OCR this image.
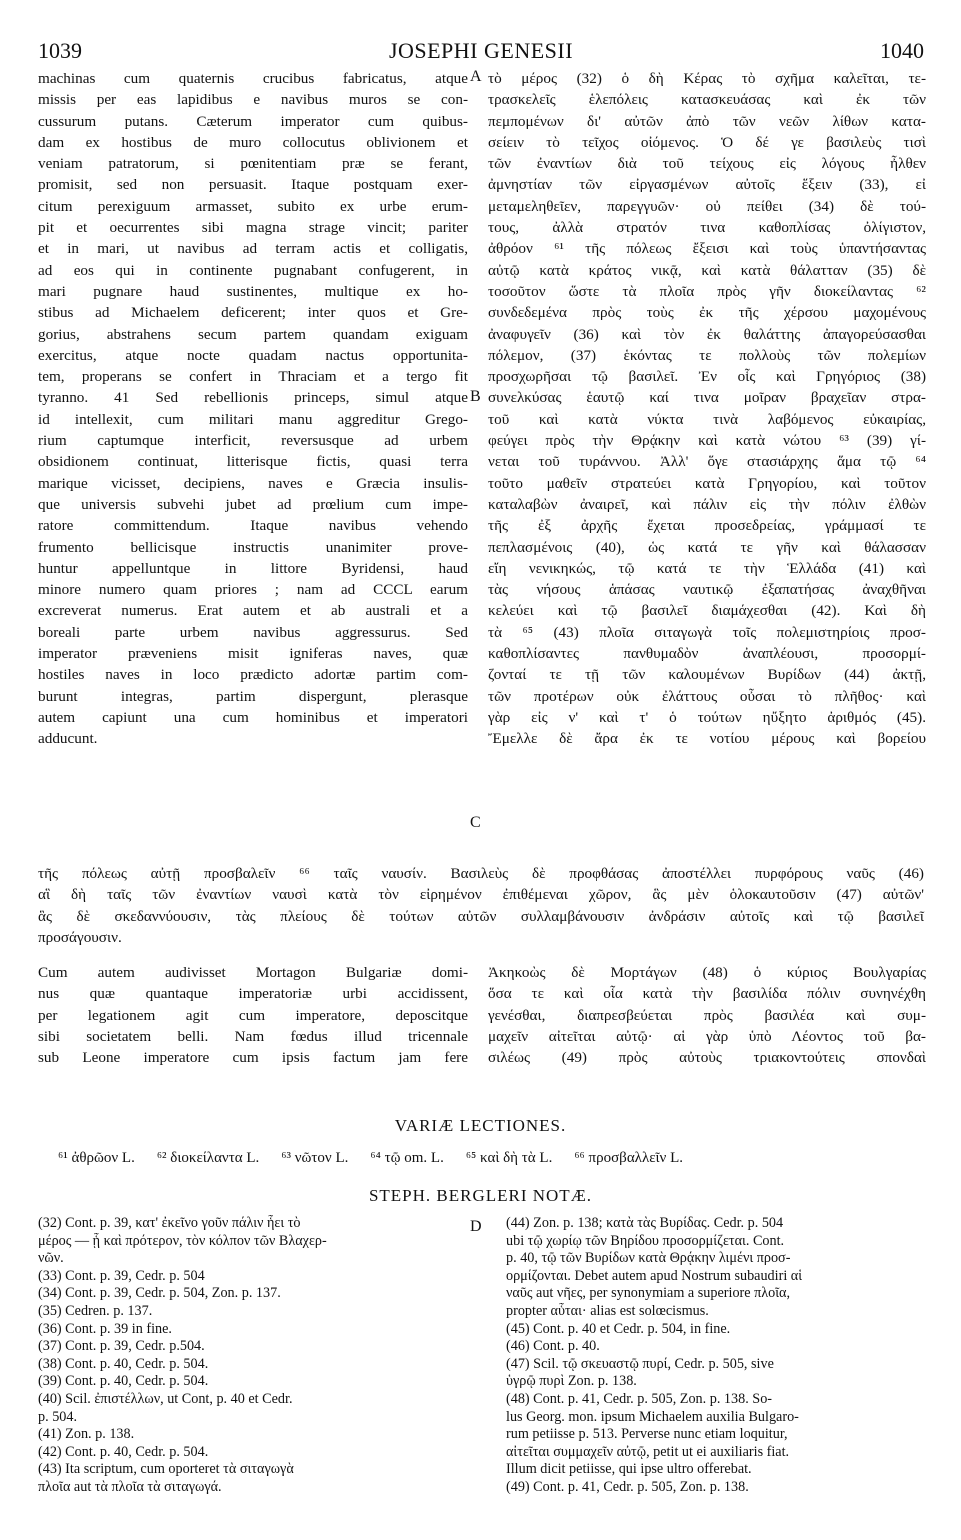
1039	JOSEPHI GENESII	1040
machinas cum quaternis crucibus fabricatus, atque
missis per eas lapidibus e navibus muros se con-
cussurum putans. Cæterum imperator cum quibus-
dam ex hostibus de muro collocutus oblivionem et
veniam patratorum, si pœnitentiam præ se ferant,
promisit, sed non persuasit. Itaque postquam exer-
citum perexiguum armasset, subito ex urbe erum-
pit et oecurrentes sibi magna strage vincit; pariter
et in mari, ut navibus ad terram actis et colligatis,
ad eos qui in continente pugnabant confugerent, in
mari pugnare haud sustinentes, multique ex ho-
stibus ad Michaelem deficerent; inter quos et Gre-
gorius, abstrahens secum partem quandam exiguam
exercitus, atque nocte quadam nactus opportunita-
tem, properans se confert in Thraciam et a tergo fit
tyranno. 41 Sed rebellionis princeps, simul atque
id intellexit, cum militari manu aggreditur Grego-
rium captumque interficit, reversusque ad urbem
obsidionem continuat, litterisque fictis, quasi terra
marique vicisset, decipiens, naves e Græcia insulis-
que universis subvehi jubet ad prœlium cum impe-
ratore committendum. Itaque navibus vehendo
frumento bellicisque instructis unanimiter prove-
huntur appelluntque in littore Byridensi, haud
minore numero quam priores ; nam ad CCCL earum
excreverat numerus. Erat autem et ab australi et a
boreali parte urbem navibus aggressurus. Sed
imperator præveniens misit igniferas naves, quæ
hostiles naves in loco prædicto adortæ partim com-
burunt integras, partim dispergunt, plerasque
autem capiunt una cum hominibus et imperatori
adducunt.
τὸ μέρος (32) ὁ δὴ Κέρας τὸ σχῆμα καλεῖται, τε-
τρασκελεῖς ἑλεπόλεις κατασκευάσας καὶ ἐκ τῶν
πεμπομένων δι' αὐτῶν ἀπὸ τῶν νεῶν λίθων κατα-
σείειν τὸ τεῖχος οἰόμενος. Ὁ δέ γε βασιλεὺς τισὶ
τῶν ἐναντίων διὰ τοῦ τείχους εἰς λόγους ἦλθεν
ἀμνηστίαν τῶν εἰργασμένων αὐτοῖς ἕξειν (33), εἰ
μεταμεληθεῖεν, παρεγγυῶν· οὐ πείθει (34) δὲ τού-
τους, ἀλλὰ στρατόν τινα καθοπλίσας ὀλίγιστον,
ἀθρόον ⁶¹ τῆς πόλεως ἔξεισι καὶ τοὺς ὑπαντήσαντας
αὐτῷ κατὰ κράτος νικᾷ, καὶ κατὰ θάλατταν (35) δὲ
τοσοῦτον ὥστε τὰ πλοῖα πρὸς γῆν διοκείλαντας ⁶²
συνδεδεμένα πρὸς τοὺς ἐκ τῆς χέρσου μαχομένους
ἀναφυγεῖν (36) καὶ τὸν ἐκ θαλάττης ἀπαγορεύσασθαι
πόλεμον, (37) ἑκόντας τε πολλοὺς τῶν πολεμίων
προσχωρῆσαι τῷ βασιλεῖ. Ἐν οἷς καὶ Γρηγόριος (38)
συνελκύσας ἑαυτῷ καί τινα μοῖραν βραχεῖαν στρα-
τοῦ καὶ κατὰ νύκτα τινὰ λαβόμενος εὐκαιρίας,
φεύγει πρὸς τὴν Θρᾴκην καὶ κατὰ νώτου ⁶³ (39) γί-
νεται τοῦ τυράννου. Ἀλλ' ὅγε στασιάρχης ἅμα τῷ ⁶⁴
τοῦτο μαθεῖν στρατεύει κατὰ Γρηγορίου, καὶ τοῦτον
καταλαβὼν ἀναιρεῖ, καὶ πάλιν εἰς τὴν πόλιν ἐλθὼν
τῆς ἐξ ἀρχῆς ἔχεται προσεδρείας, γράμμασί τε
πεπλασμένοις (40), ὡς κατά τε γῆν καὶ θάλασσαν
εἴη νενικηκώς, τῷ κατά τε τὴν Ἑλλάδα (41) καὶ
τὰς νήσους ἁπάσας ναυτικῷ ἐξαπατήσας ἀναχθῆναι
κελεύει καὶ τῷ βασιλεῖ διαμάχεσθαι (42). Καὶ δὴ
τὰ ⁶⁵ (43) πλοῖα σιταγωγὰ τοῖς πολεμιστηρίοις προσ-
καθοπλίσαντες πανθυμαδὸν ἀναπλέουσι, προσορμί-
ζονταί τε τῇ τῶν καλουμένων Βυρίδων (44) ἀκτῇ,
τῶν προτέρων οὐκ ἐλάττους οὖσαι τὸ πλῆθος· καὶ
γὰρ εἰς ν' καὶ τ' ὁ τούτων ηὔξητο ἀριθμός (45).
Ἔμελλε δὲ ἄρα ἐκ τε νοτίου μέρους καὶ βορείου
A
B
C
D
τῆς πόλεως αὐτῇ προσβαλεῖν ⁶⁶ ταῖς ναυσίν. Βασιλεὺς δὲ προφθάσας ἀποστέλλει πυρφόρους ναῦς (46)
αἳ δὴ ταῖς τῶν ἐναντίων ναυσὶ κατὰ τὸν εἰρημένον ἐπιθέμεναι χῶρον, ἃς μὲν ὁλοκαυτοῦσιν (47) αὐτῶν'
ἃς δὲ σκεδαννύουσιν, τὰς πλείους δὲ τούτων αὐτῶν συλλαμβάνουσιν ἀνδράσιν αὐτοῖς καὶ τῷ βασιλεῖ
προσάγουσιν.
Cum autem audivisset Mortagon Bulgariæ domi-
nus quæ quantaque imperatoriæ urbi accidissent,
per legationem agit cum imperatore, deposcitque
sibi societatem belli. Nam fœdus illud tricennale
sub Leone imperatore cum ipsis factum jam fere
Ἀκηκοὼς δὲ Μορτάγων (48) ὁ κύριος Βουλγαρίας
ὅσα τε καὶ οἷα κατὰ τὴν βασιλίδα πόλιν συνηνέχθη
γενέσθαι, διαπρεσβεύεται πρὸς βασιλέα καὶ συμ-
μαχεῖν αἰτεῖται αὐτῷ· αἱ γὰρ ὑπὸ Λέοντος τοῦ βα-
σιλέως (49) πρὸς αὐτοὺς τριακοντούτεις σπονδαὶ
VARIÆ LECTIONES.
⁶¹ ἀθρῶον L. ⁶² διοκείλαντα L. ⁶³ νῶτον L. ⁶⁴ τῷ om. L. ⁶⁵ καὶ δὴ τὰ L. ⁶⁶ προσβαλλεῖν L.
STEPH. BERGLERI NOTÆ.
(32) Cont. p. 39, κατ' ἐκεῖνο γοῦν πάλιν ἧει τὸ
μέρος — ᾗ καὶ πρότερον, τὸν κόλπον τῶν Βλαχερ-
νῶν.
(33) Cont. p. 39, Cedr. p. 504
(34) Cont. p. 39, Cedr. p. 504, Zon. p. 137.
(35) Cedren. p. 137.
(36) Cont. p. 39 in fine.
(37) Cont. p. 39, Cedr. p.504.
(38) Cont. p. 40, Cedr. p. 504.
(39) Cont. p. 40, Cedr. p. 504.
(40) Scil. ἐπιστέλλων, ut Cont, p. 40 et Cedr.
p. 504.
(41) Zon. p. 138.
(42) Cont. p. 40, Cedr. p. 504.
(43) Ita scriptum, cum oporteret τὰ σιταγωγὰ
πλοῖα aut τὰ πλοῖα τὰ σιταγωγά.
(44) Zon. p. 138; κατὰ τὰς Βυρίδας. Cedr. p. 504
ubi τῷ χωρίῳ τῶν Βηρίδου προσορμίζεται. Cont.
p. 40, τῷ τῶν Βυρίδων κατὰ Θρᾴκην λιμένι προσ-
ορμίζονται. Debet autem apud Nostrum subaudiri αἱ
ναῦς aut νῆες, per synonymiam a superiore πλοῖα,
propter αὗται· alias est solœcismus.
(45) Cont. p. 40 et Cedr. p. 504, in fine.
(46) Cont. p. 40.
(47) Scil. τῷ σκευαστῷ πυρί, Cedr. p. 505, sive
ὑγρῷ πυρὶ Zon. p. 138.
(48) Cont. p. 41, Cedr. p. 505, Zon. p. 138. So-
lus Georg. mon. ipsum Michaelem auxilia Bulgaro-
rum petiisse p. 513. Perverse nunc etiam loquitur,
αἰτεῖται συμμαχεῖν αὐτῷ, petit ut ei auxiliaris fiat.
Illum dicit petiisse, qui ipse ultro offerebat.
(49) Cont. p. 41, Cedr. p. 505, Zon. p. 138.
